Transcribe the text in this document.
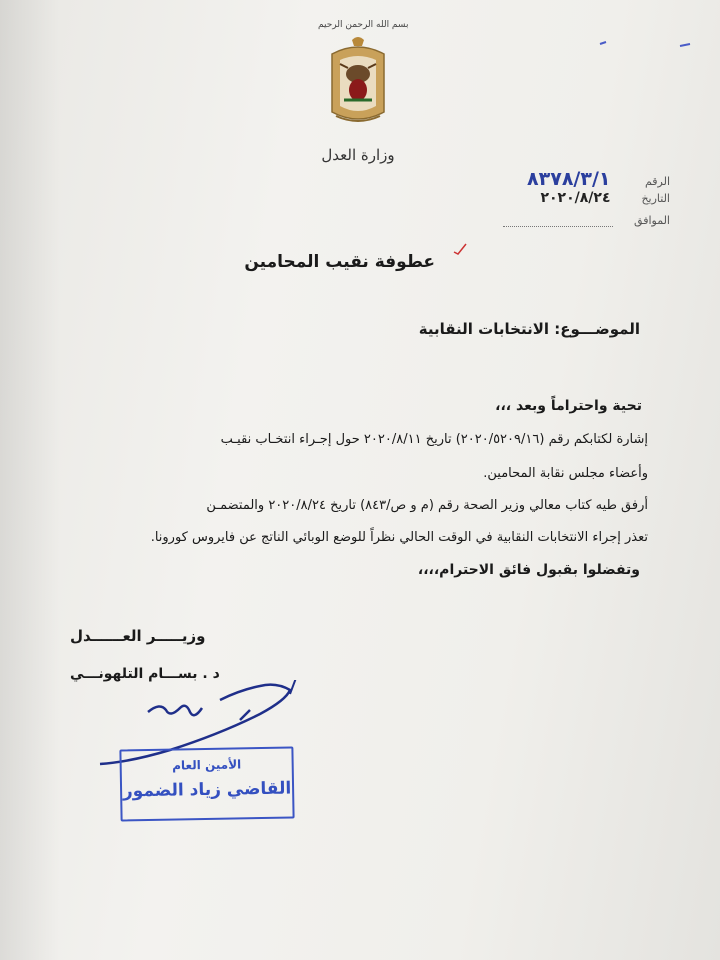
بسم الله الرحمن الرحيم
وزارة العدل
الرقم ٨٣٧٨/٣/١
التاريخ ٢٠٢٠/٨/٢٤
الموافق
عطوفة نقيب المحامين
الموضـــوع: الانتخابات النقابية
تحية واحتراماً وبعد ،،،
إشارة لكتابكم رقم (٢٠٢٠/٥٢٠٩/١٦) تاريخ ٢٠٢٠/٨/١١ حول إجـراء انتخـاب نقيـب
وأعضاء مجلس نقابة المحامين.
أرفق طيه كتاب معالي وزير الصحة رقم (م و ص/٨٤٣) تاريخ ٢٠٢٠/٨/٢٤ والمتضمـن
تعذر إجراء الانتخابات النقابية في الوقت الحالي نظراً للوضع الوبائي الناتج عن فايروس كورونا.
وتفضلوا بقبول فائق الاحترام،،،،
وزيـــــر العــــــدل
د . بســـام التلهونـــي
الأمين العام
القاضي زياد الضمور
